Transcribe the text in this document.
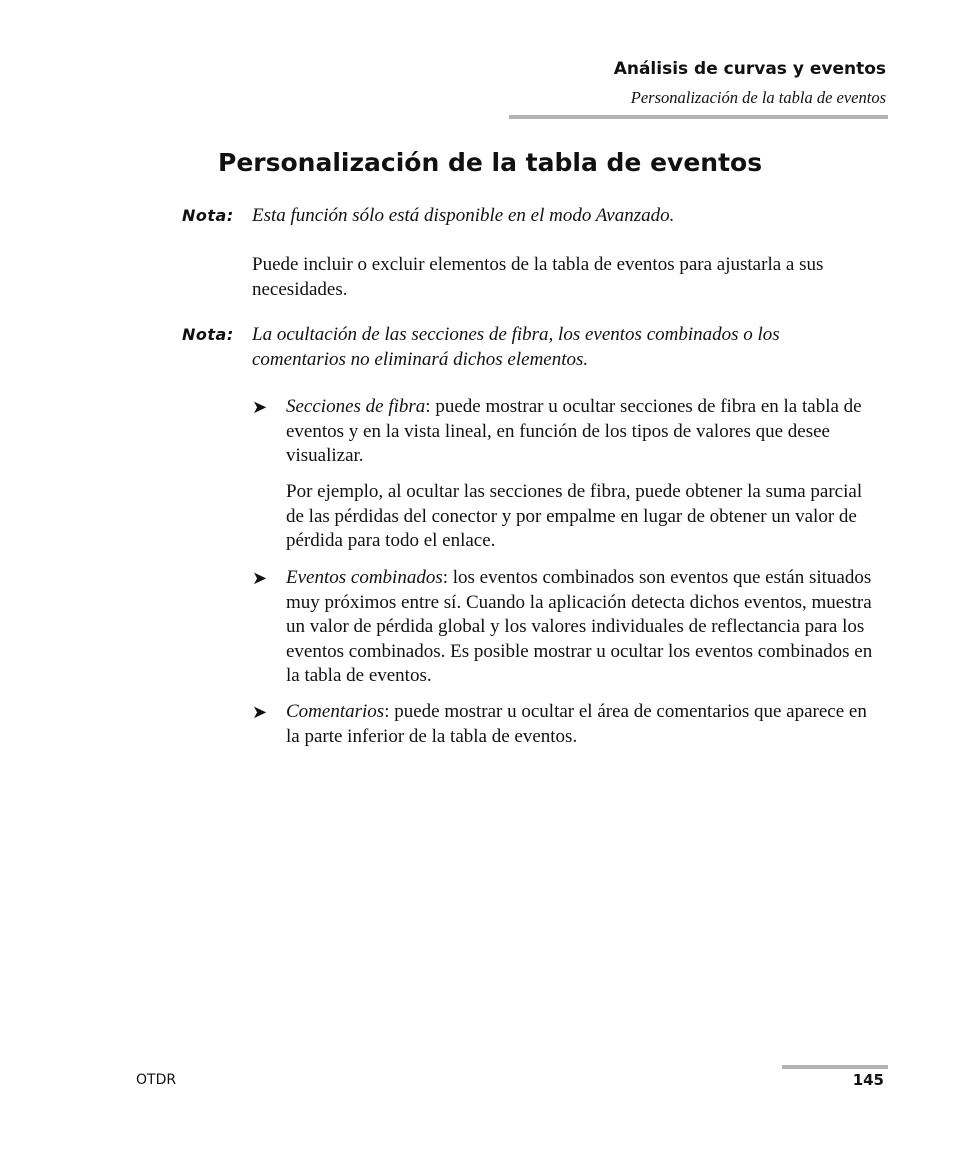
Análisis de curvas y eventos
Personalización de la tabla de eventos
Personalización de la tabla de eventos
Nota: Esta función sólo está disponible en el modo Avanzado.

Puede incluir o excluir elementos de la tabla de eventos para ajustarla a sus necesidades.

Nota: La ocultación de las secciones de fibra, los eventos combinados o los comentarios no eliminará dichos elementos.
➤ Secciones de fibra: puede mostrar u ocultar secciones de fibra en la tabla de eventos y en la vista lineal, en función de los tipos de valores que desee visualizar.

Por ejemplo, al ocultar las secciones de fibra, puede obtener la suma parcial de las pérdidas del conector y por empalme en lugar de obtener un valor de pérdida para todo el enlace.

➤ Eventos combinados: los eventos combinados son eventos que están situados muy próximos entre sí. Cuando la aplicación detecta dichos eventos, muestra un valor de pérdida global y los valores individuales de reflectancia para los eventos combinados. Es posible mostrar u ocultar los eventos combinados en la tabla de eventos.

➤ Comentarios: puede mostrar u ocultar el área de comentarios que aparece en la parte inferior de la tabla de eventos.

OTDR	145
